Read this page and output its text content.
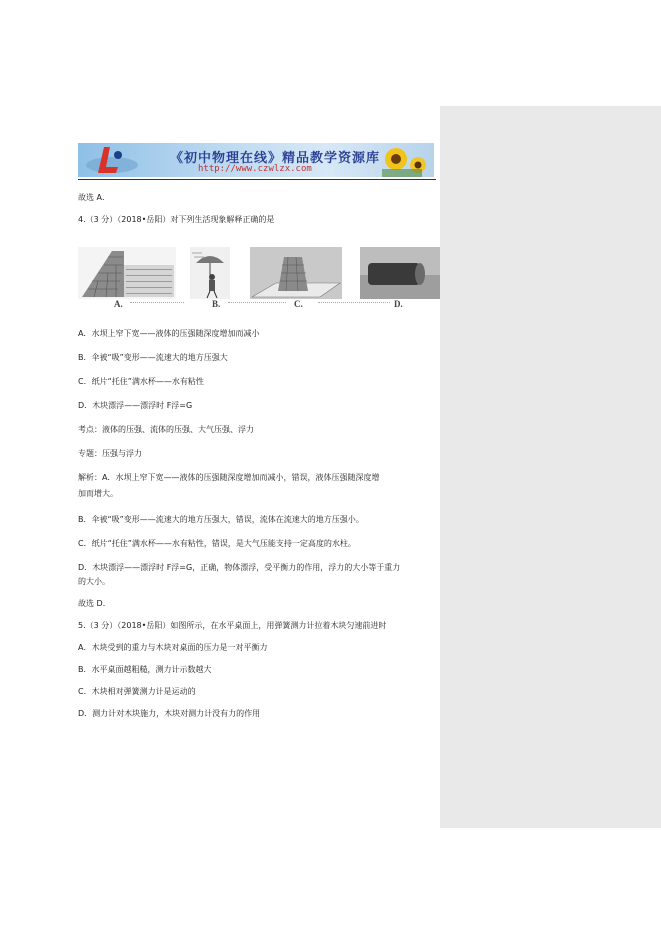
《初中物理在线》精品教学资源库
http://www.czwlzx.com
故选 A．
4.（3 分）（2018•岳阳）对下列生活现象解释正确的是
A.	B.	C.	D.
A．水坝上窄下宽——液体的压强随深度增加而减小
B．伞被“吸”变形——流速大的地方压强大
C．纸片“托住”满水杯——水有粘性
D．木块漂浮——漂浮时 F浮=G
考点：液体的压强、流体的压强、大气压强、浮力
专题：压强与浮力
解析：A．水坝上窄下宽——液体的压强随深度增加而减小，错误，液体压强随深度增
加而增大。
B．伞被“吸”变形——流速大的地方压强大，错误，流体在流速大的地方压强小。
C．纸片“托住”满水杯——水有粘性，错误，是大气压能支持一定高度的水柱。
D．木块漂浮——漂浮时 F浮=G，正确，物体漂浮，受平衡力的作用，浮力的大小等于重力
的大小。
故选 D．
5.（3 分）（2018•岳阳）如图所示，在水平桌面上，用弹簧测力计拉着木块匀速前进时
A．木块受到的重力与木块对桌面的压力是一对平衡力
B．水平桌面越粗糙，测力计示数越大
C．木块相对弹簧测力计是运动的
D．测力计对木块施力，木块对测力计没有力的作用
